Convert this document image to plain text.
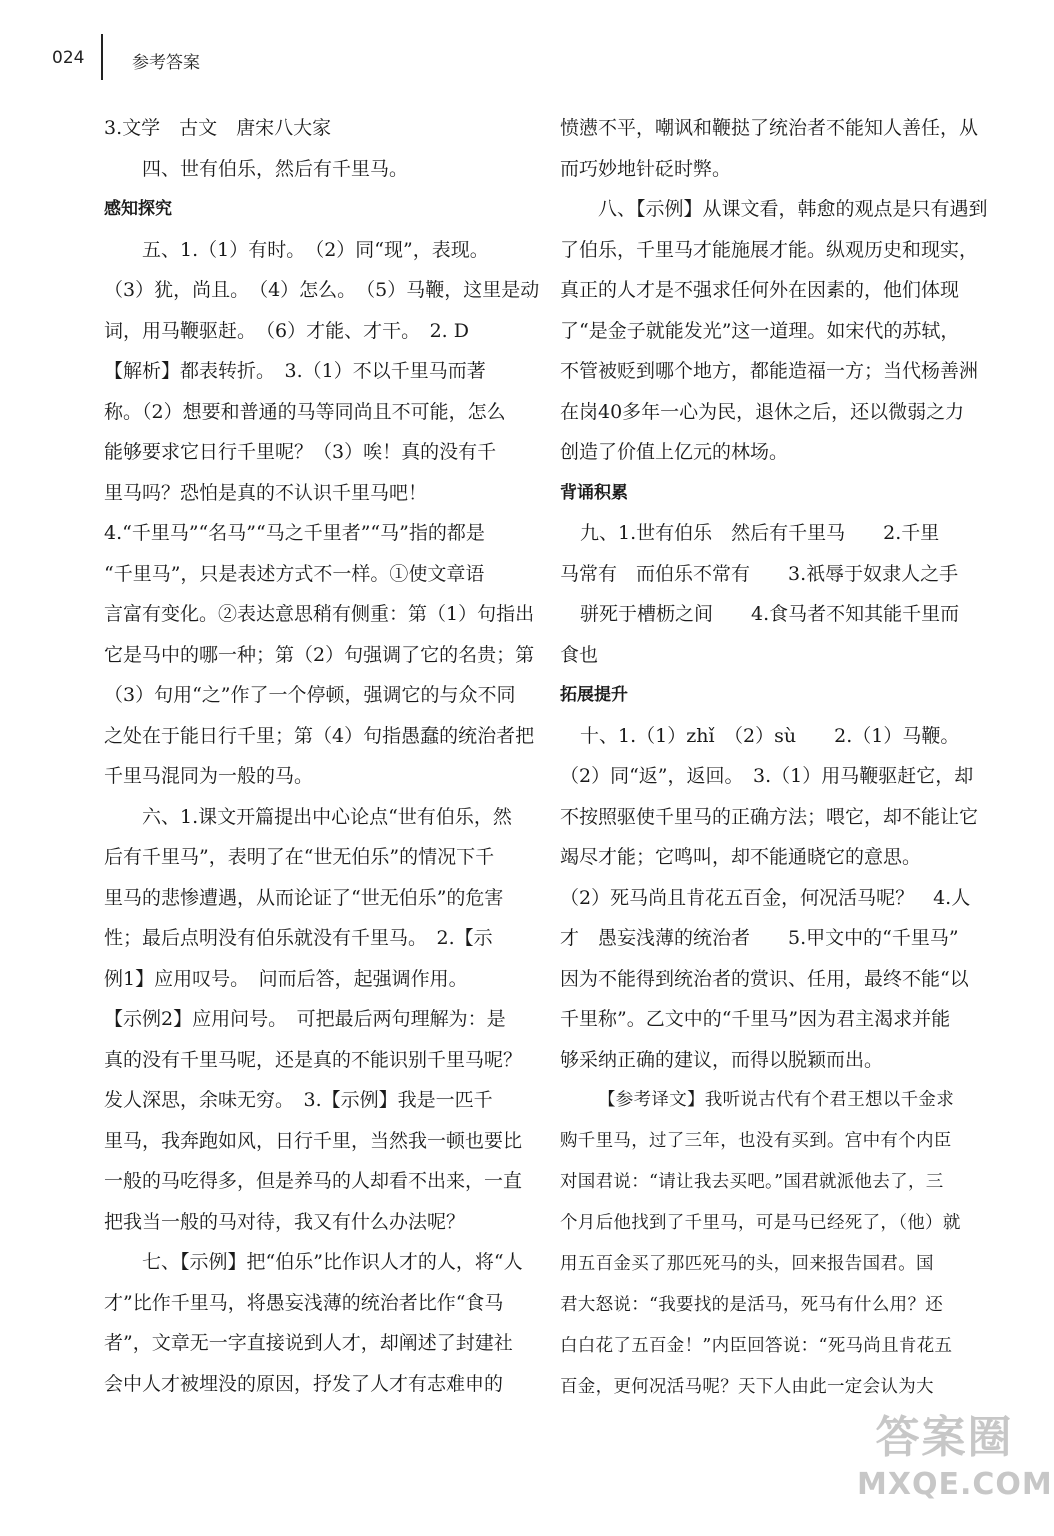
024	参考答案
3.文学　古文　唐宋八大家
四、世有伯乐，然后有千里马。
感知探究
五、1.（1）有时。　（2）同“现”，表现。
（3）犹，尚且。　（4）怎么。　（5）马鞭，这里是动
词，用马鞭驱赶。　（6）才能、才干。　2. D
【解析】都表转折。　3.（1）不以千里马而著
称。（2）想要和普通的马等同尚且不可能，怎么
能够要求它日行千里呢？（3）唉！真的没有千
里马吗？恐怕是真的不认识千里马吧！
4.“千里马”“名马”“马之千里者”“马”指的都是
“千里马”，只是表述方式不一样。①使文章语
言富有变化。②表达意思稍有侧重：第（1）句指出
它是马中的哪一种；第（2）句强调了它的名贵；第
（3）句用“之”作了一个停顿，强调它的与众不同
之处在于能日行千里；第（4）句指愚蠢的统治者把
千里马混同为一般的马。
六、1.课文开篇提出中心论点“世有伯乐，然
后有千里马”，表明了在“世无伯乐”的情况下千
里马的悲惨遭遇，从而论证了“世无伯乐”的危害
性；最后点明没有伯乐就没有千里马。　2.【示
例1】应用叹号。　问而后答，起强调作用。
【示例2】应用问号。　可把最后两句理解为：是
真的没有千里马呢，还是真的不能识别千里马呢？
发人深思，余味无穷。　3.【示例】我是一匹千
里马，我奔跑如风，日行千里，当然我一顿也要比
一般的马吃得多，但是养马的人却看不出来，一直
把我当一般的马对待，我又有什么办法呢？
七、【示例】把“伯乐”比作识人才的人，将“人
才”比作千里马，将愚妄浅薄的统治者比作“食马
者”，文章无一字直接说到人才，却阐述了封建社
会中人才被埋没的原因，抒发了人才有志难申的
愤懑不平，嘲讽和鞭挞了统治者不能知人善任，从
而巧妙地针砭时弊。
八、【示例】从课文看，韩愈的观点是只有遇到
了伯乐，千里马才能施展才能。纵观历史和现实，
真正的人才是不强求任何外在因素的，他们体现
了“是金子就能发光”这一道理。如宋代的苏轼，
不管被贬到哪个地方，都能造福一方；当代杨善洲
在岗40多年一心为民，退休之后，还以微弱之力
创造了价值上亿元的林场。
背诵积累
九、1.世有伯乐　然后有千里马　　2.千里
马常有　而伯乐不常有　　3.祇辱于奴隶人之手
骈死于槽枥之间　　4.食马者不知其能千里而
食也
拓展提升
十、1.（1）zhǐ　（2）sù　　2.（1）马鞭。
（2）同“返”，返回。　3.（1）用马鞭驱赶它，却
不按照驱使千里马的正确方法；喂它，却不能让它
竭尽才能；它鸣叫，却不能通晓它的意思。
（2）死马尚且肯花五百金，何况活马呢？　4.人
才　愚妄浅薄的统治者　　5.甲文中的“千里马”
因为不能得到统治者的赏识、任用，最终不能“以
千里称”。乙文中的“千里马”因为君主渴求并能
够采纳正确的建议，而得以脱颖而出。
【参考译文】我听说古代有个君王想以千金求
购千里马，过了三年，也没有买到。宫中有个内臣
对国君说：“请让我去买吧。”国君就派他去了，三
个月后他找到了千里马，可是马已经死了，（他）就
用五百金买了那匹死马的头，回来报告国君。国
君大怒说：“我要找的是活马，死马有什么用？还
白白花了五百金！”内臣回答说：“死马尚且肯花五
百金，更何况活马呢？天下人由此一定会认为大
答案圈
MXQE.COM
